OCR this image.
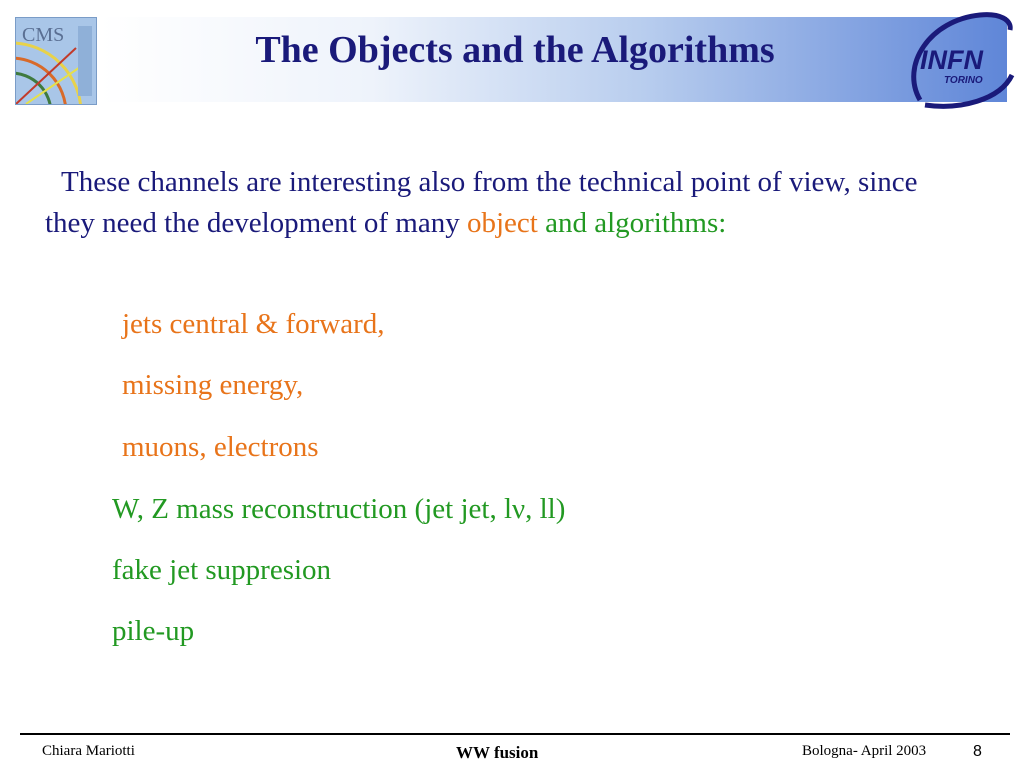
CMS	The Objects and the Algorithms	INFN
TORINO
These channels are interesting also from the technical point of view, since they need the development of many object and algorithms:

jets central & forward,

missing energy,

muons, electrons

W, Z mass reconstruction (jet jet, lν, ll)

fake jet suppresion

pile-up

Chiara Mariotti	WW fusion	Bologna- April 2003	8
